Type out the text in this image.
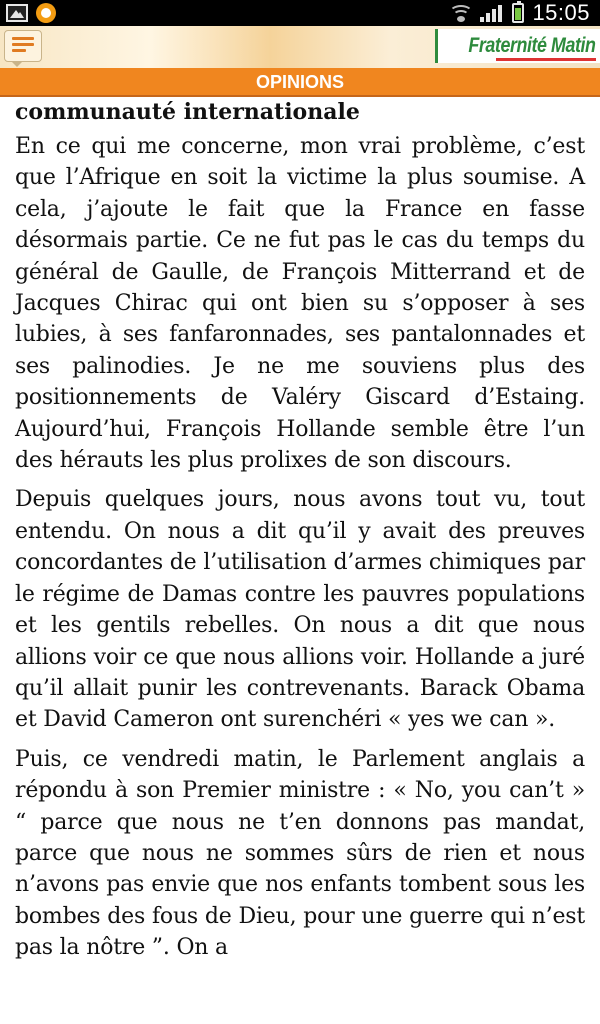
15:05
Fraternité Matin
OPINIONS
communauté internationale

En ce qui me concerne, mon vrai problème, c’est que l’Afrique en soit la victime la plus soumise. A cela, j’ajoute le fait que la France en fasse désormais partie. Ce ne fut pas le cas du temps du général de Gaulle, de François Mitterrand et de Jacques Chirac qui ont bien su s’opposer à ses lubies, à ses fanfaronnades, ses pantalonnades et ses palinodies. Je ne me souviens plus des positionnements de Valéry Giscard d’Estaing. Aujourd’hui, François Hollande semble être l’un des hérauts les plus prolixes de son discours.

Depuis quelques jours, nous avons tout vu, tout entendu. On nous a dit qu’il y avait des preuves concordantes de l’utilisation d’armes chimiques par le régime de Damas contre les pauvres populations et les gentils rebelles. On nous a dit que nous allions voir ce que nous allions voir. Hollande a juré qu’il allait punir les contrevenants. Barack Obama et David Cameron ont surenchéri « yes we can ».

Puis, ce vendredi matin, le Parlement anglais a répondu à son Premier ministre : « No, you can’t » “ parce que nous ne t’en donnons pas mandat, parce que nous ne sommes sûrs de rien et nous n’avons pas envie que nos enfants tombent sous les bombes des fous de Dieu, pour une guerre qui n’est pas la nôtre ”. On a
